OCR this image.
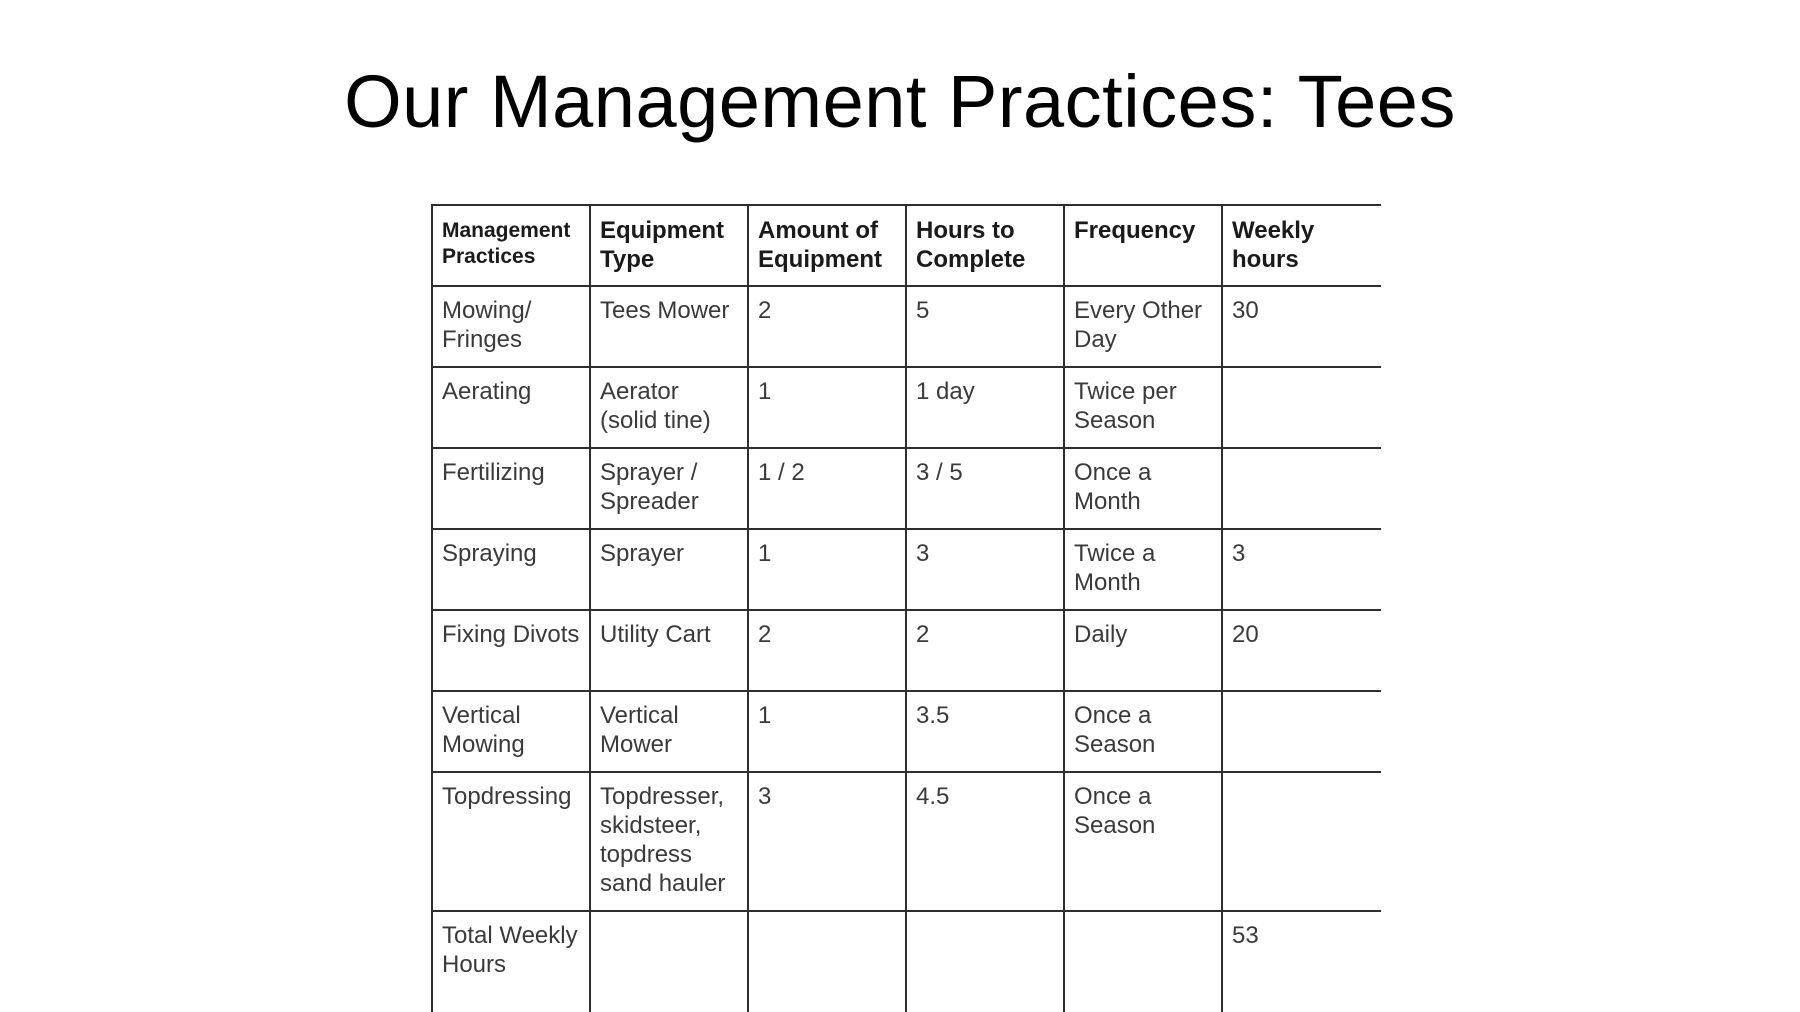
Our Management Practices: Tees
Management Practices	Equipment Type	Amount of Equipment	Hours to Complete	Frequency	Weekly hours
Mowing/ Fringes	Tees Mower	2	5	Every Other Day	30
Aerating	Aerator (solid tine)	1	1 day	Twice per Season	
Fertilizing	Sprayer / Spreader	1 / 2	3 / 5	Once a Month	
Spraying	Sprayer	1	3	Twice a Month	3
Fixing Divots	Utility Cart	2	2	Daily	20
Vertical Mowing	Vertical Mower	1	3.5	Once a Season	
Topdressing	Topdresser, skidsteer, topdress sand hauler	3	4.5	Once a Season	
Total Weekly Hours					53
